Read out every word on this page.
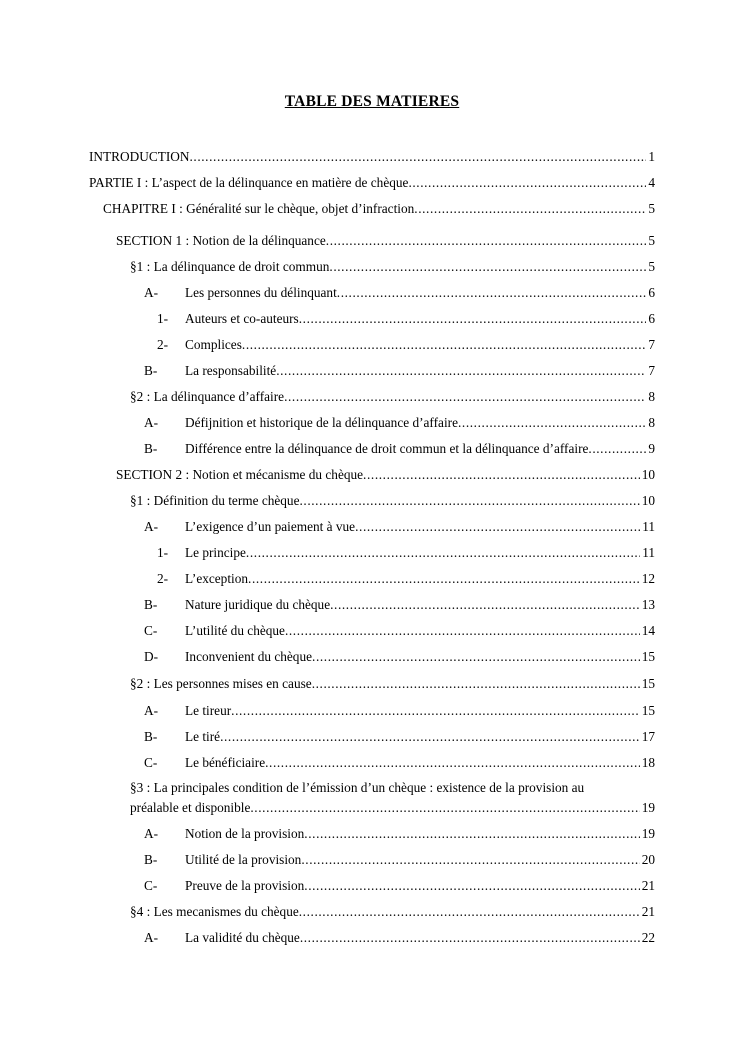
TABLE DES MATIERES
INTRODUCTION .....	1
PARTIE I : L’aspect de la délinquance en matière de chèque .....	4
CHAPITRE I : Généralité sur le chèque, objet d’infraction .....	5
SECTION 1 : Notion de la délinquance .....	5
§1 : La délinquance de droit commun .....	5
A-	Les personnes du délinquant .....	6
1-	Auteurs et co-auteurs .....	6
2-	Complices .....	7
B-	La responsabilité .....	7
§2 : La délinquance d’affaire .....	8
A-	Défijnition et historique de la délinquance d’affaire .....	8
B-	Différence entre la délinquance de droit commun et la délinquance d’affaire .....	9
SECTION 2 : Notion et mécanisme du chèque .....	10
§1 : Définition du terme chèque .....	10
A-	L’exigence d’un paiement à vue .....	11
1-	Le principe .....	11
2-	L’exception .....	12
B-	Nature juridique du chèque .....	13
C-	L’utilité du chèque .....	14
D-	Inconvenient du chèque .....	15
§2 : Les personnes mises en cause .....	15
A-	Le tireur .....	15
B-	Le tiré .....	17
C-	Le bénéficiaire .....	18
§3 : La principales condition de l’émission d’un chèque : existence de la provision au
préalable et disponible .....	19
A-	Notion de la provision .....	19
B-	Utilité de la provision .....	20
C-	Preuve de la provision .....	21
§4 : Les mecanismes du chèque .....	21
A-	La validité du chèque .....	22
